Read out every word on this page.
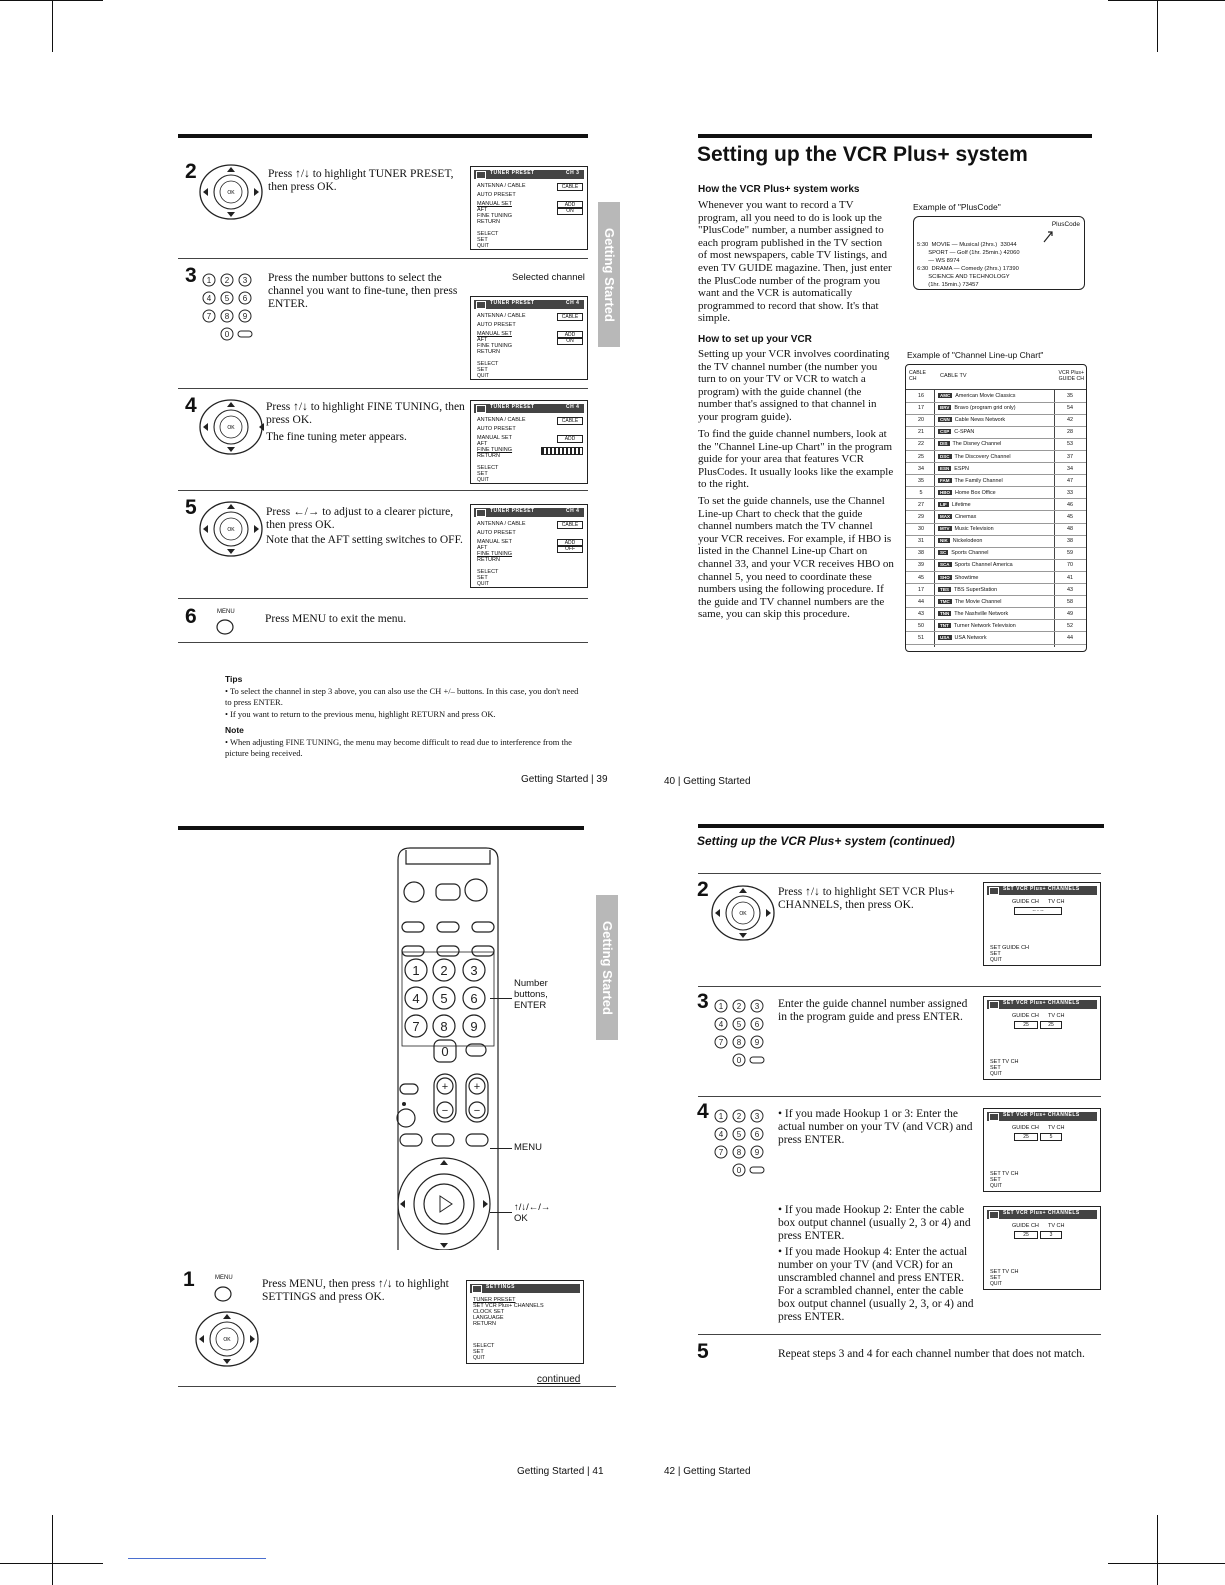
2
OK
Press ↑/↓ to highlight TUNER PRESET, then press OK.
TUNER PRESET	CH 3
ANTENNA / CABLE	CABLE
AUTO PRESET
MANUAL SET	ADD
AFT	ON
FINE TUNING
RETURN
SELECT
SET
QUIT
3 1 2 3
4 5 6
7 8 9
0
Press the number buttons to select the channel you want to fine-tune, then press ENTER.
Selected channel
TUNER PRESET	CH 4
ANTENNA / CABLE	CABLE
AUTO PRESET
MANUAL SET	ADD
AFT	ON
FINE TUNING
RETURN
SELECT
SET
QUIT
4
OK
Press ↑/↓ to highlight FINE TUNING, then press OK.
The fine tuning meter appears.
TUNER PRESET	CH 4
ANTENNA / CABLE	CABLE
AUTO PRESET
MANUAL SET	ADD
AFT
FINE TUNING
RETURN
SELECT
SET
QUIT
5
OK
Press ←/→ to adjust to a clearer picture, then press OK.
Note that the AFT setting switches to OFF.
TUNER PRESET	CH 4
ANTENNA / CABLE	CABLE
AUTO PRESET
MANUAL SET	ADD
AFT	OFF
FINE TUNING
RETURN
SELECT
SET
QUIT
6	MENU
Press MENU to exit the menu.
Getting Started
Tips
• To select the channel in step 3 above, you can also use the CH +/– buttons. In this case, you don't need to press ENTER.
• If you want to return to the previous menu, highlight RETURN and press OK.
Note
• When adjusting FINE TUNING, the menu may become difficult to read due to interference from the picture being received.
Getting Started | 39
Setting up the VCR Plus+ system
How the VCR Plus+ system works
Whenever you want to record a TV program, all you need to do is look up the "PlusCode" number, a number assigned to each program published in the TV section of most newspapers, cable TV listings, and even TV GUIDE magazine. Then, just enter the PlusCode number of the program you want and the VCR is automatically programmed to record that show. It's that simple.
How to set up your VCR
Setting up your VCR involves coordinating the TV channel number (the number you turn to on your TV or VCR to watch a program) with the guide channel (the number that's assigned to that channel in your program guide).
To find the guide channel numbers, look at the "Channel Line-up Chart" in the program guide for your area that features VCR PlusCodes. It usually looks like the example to the right.
To set the guide channels, use the Channel Line-up Chart to check that the guide channel numbers match the TV channel your VCR receives. For example, if HBO is listed in the Channel Line-up Chart on channel 33, and your VCR receives HBO on channel 5, you need to coordinate these numbers using the following procedure. If the guide and TV channel numbers are the same, you can skip this procedure.
Example of "PlusCode"
PlusCode
5:30  MOVIE — Musical (2hrs.)  33044
SPORT — Golf (1hr. 25min.) 42060
— WS 8974
6:30  DRAMA — Comedy (2hrs.) 17390
SCIENCE AND TECHNOLOGY
(1hr. 15min.) 73457
Example of "Channel Line-up Chart"
CABLE CH	CABLE TV	VCR Plus+ GUIDE CH
16	AMC American Movie Classics	35
17	BRV Bravo (program grid only)	54
20	CNN Cable News Network	42
21	CSP C-SPAN	28
22	DIS The Disney Channel	53
25	DSC The Discovery Channel	37
34	ESN ESPN	34
35	FAM The Family Channel	47
5	HBO Home Box Office	33
27	LIF Lifetime	46
29	MAX Cinemax	45
30	MTV Music Television	48
31	NIK Nickelodeon	38
38	SC Sports Channel	59
39	SCA Sports Channel America	70
45	SHO Showtime	41
17	TBS TBS SuperStation	43
44	TMC The Movie Channel	58
43	TNN The Nashville Network	49
50	TNT Turner Network Television	52
51	USA USA Network	44
40 | Getting Started
Getting Started
1 2 3
4 5 6
7 8 9
0
+ +
− −
Number buttons, ENTER
MENU
↑/↓/←/→ OK
1	MENU
OK
Press MENU, then press ↑/↓ to highlight SETTINGS and press OK.
SETTINGS
TUNER PRESET
SET VCR Plus+ CHANNELS
CLOCK SET
LANGUAGE
RETURN
SELECT
SET
QUIT
continued
Getting Started | 41
Setting up the VCR Plus+ system (continued)
2
OK
Press ↑/↓ to highlight SET VCR Plus+ CHANNELS, then press OK.
SET VCR Plus+ CHANNELS
GUIDE CH TV CH
-- - --
SET GUIDE CH
SET
QUIT
3 1 2 3
4 5 6
7 8 9
0
Enter the guide channel number assigned in the program guide and press ENTER.
SET VCR Plus+ CHANNELS
GUIDE CH TV CH
25	25
SET TV CH
SET
QUIT
4 1 2 3
4 5 6
7 8 9
0
• If you made Hookup 1 or 3: Enter the actual number on your TV (and VCR) and press ENTER.
SET VCR Plus+ CHANNELS
GUIDE CH TV CH
25	5
SET TV CH
SET
QUIT
• If you made Hookup 2: Enter the cable box output channel (usually 2, 3 or 4) and press ENTER.
• If you made Hookup 4: Enter the actual number on your TV (and VCR) for an unscrambled channel and press ENTER. For a scrambled channel, enter the cable box output channel (usually 2, 3, or 4) and press ENTER.
SET VCR Plus+ CHANNELS
GUIDE CH TV CH
25	3
SET TV CH
SET
QUIT
5	Repeat steps 3 and 4 for each channel number that does not match.
42 | Getting Started
